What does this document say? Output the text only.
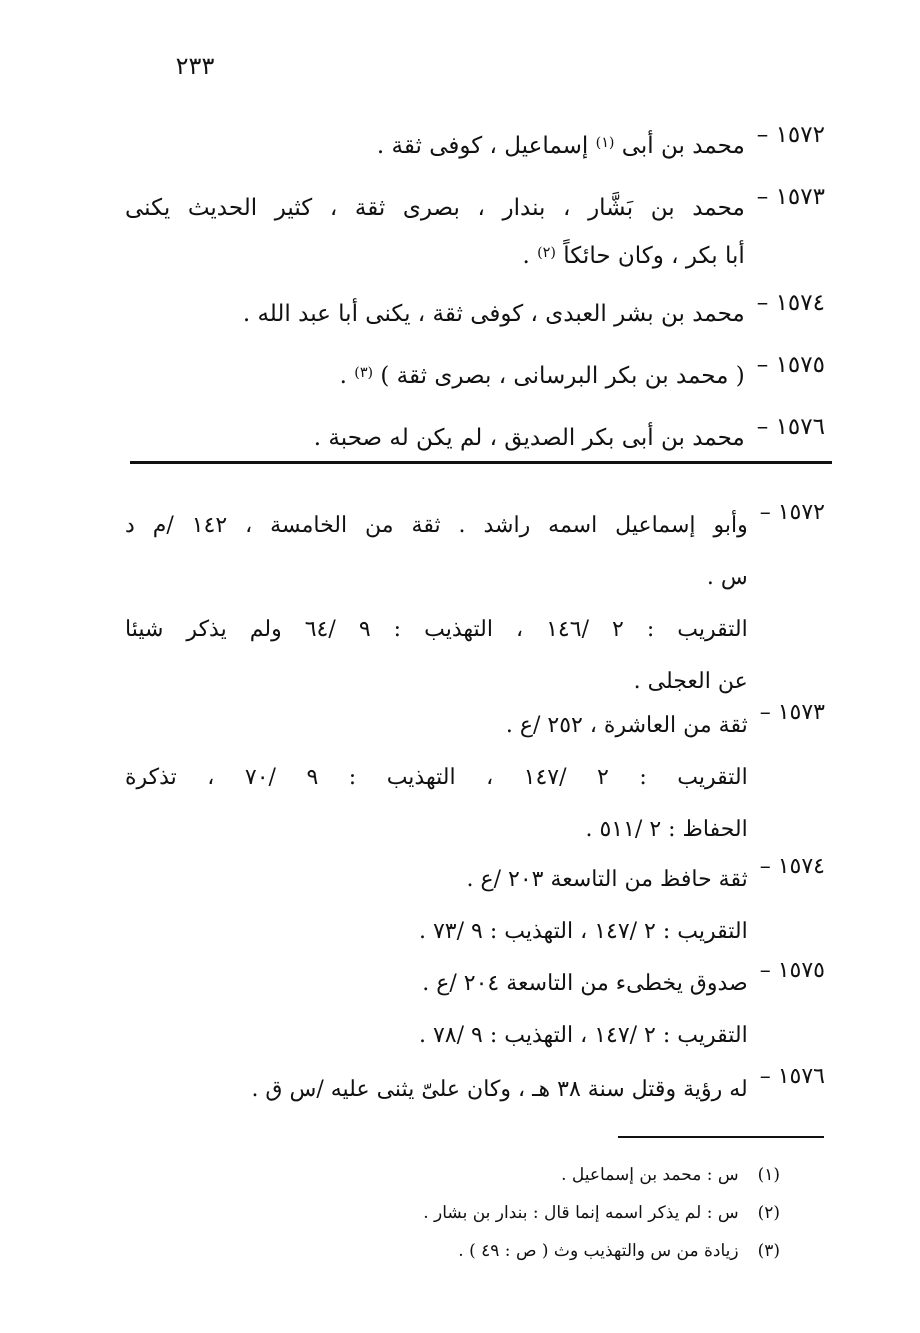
٢٣٣
١٥٧٢ –
محمد بن أبى $^{(١)}$ إسماعيل ، كوفى ثقة .
١٥٧٣ –
محمد بن بَشَّار ، بندار ، بصرى ثقة ، كثير الحديث يكنى
أبا بكر ، وكان حائكاً $^{(٢)}$ .
١٥٧٤ –
محمد بن بشر العبدى ، كوفى ثقة ، يكنى أبا عبد الله .
١٥٧٥ –
( محمد بن بكر البرسانى ، بصرى ثقة ) $^{(٣)}$ .
١٥٧٦ –
محمد بن أبى بكر الصديق ، لم يكن له صحبة .
١٥٧٢ –
وأبو إسماعيل اسمه راشد . ثقة من الخامسة ، ١٤٢ /م د
س .
التقريب : ٢ /١٤٦ ، التهذيب : ٩ /٦٤ ولم يذكر شيئا
عن العجلى .
١٥٧٣ –
ثقة من العاشرة ، ٢٥٢ /ع .
التقريب : ٢ /١٤٧ ، التهذيب : ٩ /٧٠ ، تذكرة
الحفاظ : ٢ /٥١١ .
١٥٧٤ –
ثقة حافظ من التاسعة ٢٠٣ /ع .
التقريب : ٢ /١٤٧ ، التهذيب : ٩ /٧٣ .
١٥٧٥ –
صدوق يخطىء من التاسعة ٢٠٤ /ع .
التقريب : ٢ /١٤٧ ، التهذيب : ٩ /٧٨ .
١٥٧٦ –
له رؤية وقتل سنة ٣٨ هـ ، وكان علىّ يثنى عليه /س ق .
(١) س : محمد بن إسماعيل .
(٢) س : لم يذكر اسمه إنما قال : بندار بن بشار .
(٣) زيادة من س والتهذيب وث ( ص : ٤٩ ) .
